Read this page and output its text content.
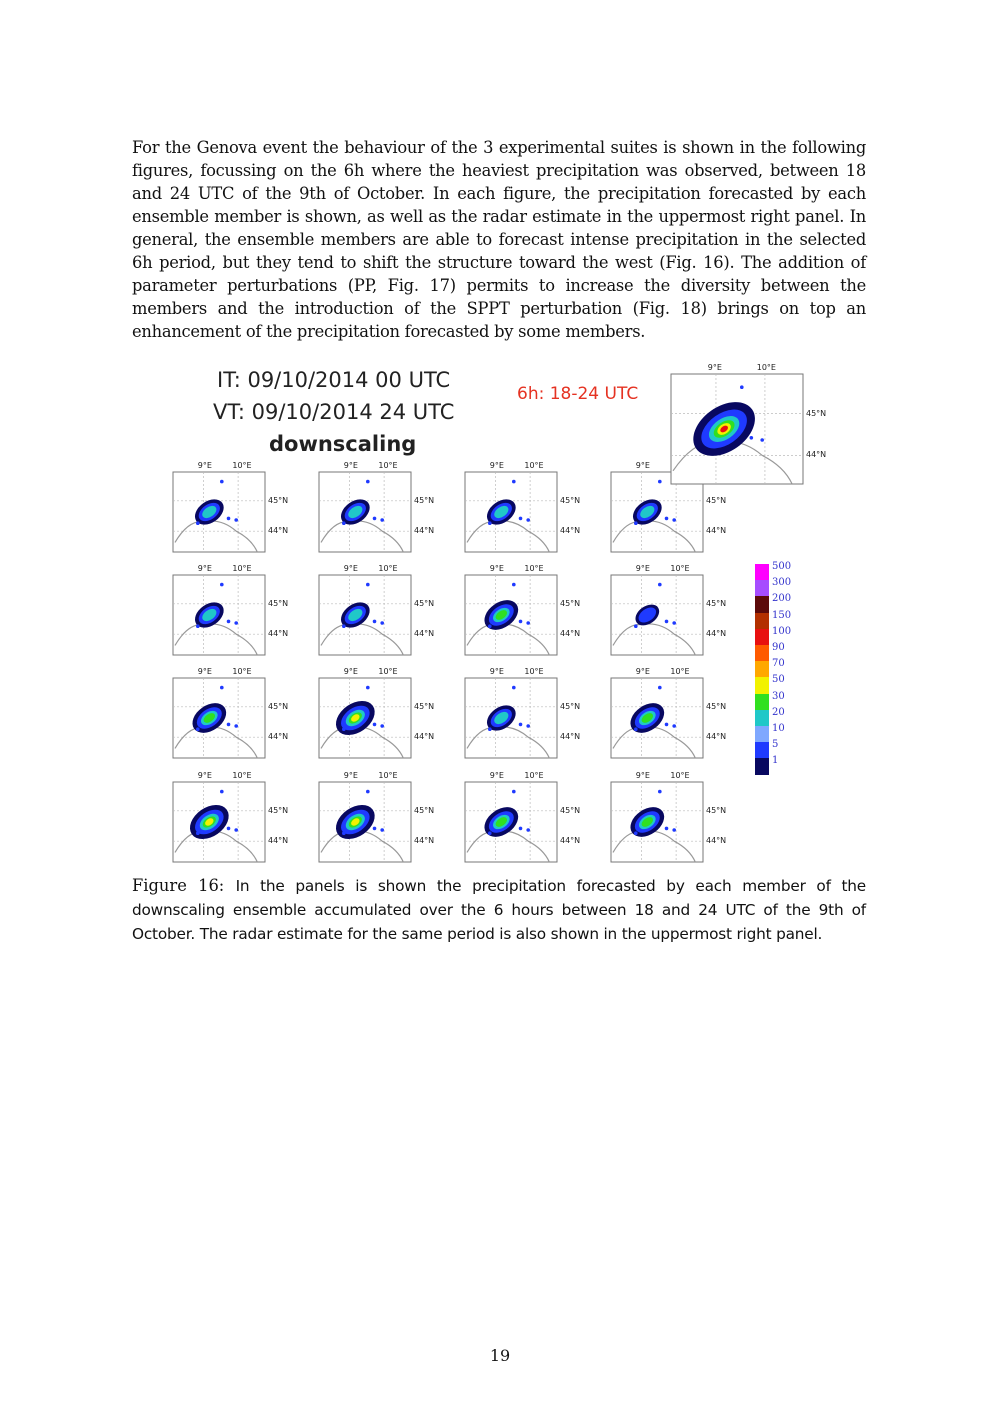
For the Genova event the behaviour of the 3 experimental suites is shown in the following figures, focussing on the 6h where the heaviest precipitation was observed, between 18 and 24 UTC of the 9th of October. In each figure, the precipitation forecasted by each ensemble member is shown, as well as the radar estimate in the uppermost right panel. In general, the ensemble members are able to forecast intense precipitation in the selected 6h period, but they tend to shift the structure toward the west (Fig. 16). The addition of parameter perturbations (PP, Fig. 17) permits to increase the diversity between the members and the introduction of the SPPT perturbation (Fig. 18) brings on top an enhancement of the precipitation forecasted by some members.

IT: 09/10/2014 00 UTC
VT: 09/10/2014 24 UTC
downscaling
6h: 18-24 UTC
9°E	10°E
45°N
44°N
9°E	10°E
45°N
44°N
9°E	10°E
45°N
44°N
9°E
45°N
44°N
9°E	10°E
45°N
44°N
9°E	10°E
45°N
44°N
9°E	10°E
45°N
44°N
9°E	10°E
45°N
44°N
9°E	10°E
45°N
44°N
9°E	10°E
45°N
44°N
9°E	10°E
45°N
44°N
9°E	10°E
45°N
44°N
9°E	10°E
45°N
44°N
9°E	10°E
45°N
44°N
9°E	10°E
45°N
44°N
9°E	10°E
45°N
44°N
9°E	10°E
45°N
44°N
500
300
200
150
100
90
70
50
30
20
10
5
1

Figure 16: In the panels is shown the precipitation forecasted by each member of the downscaling ensemble accumulated over the 6 hours between 18 and 24 UTC of the 9th of October. The radar estimate for the same period is also shown in the uppermost right panel.

19
